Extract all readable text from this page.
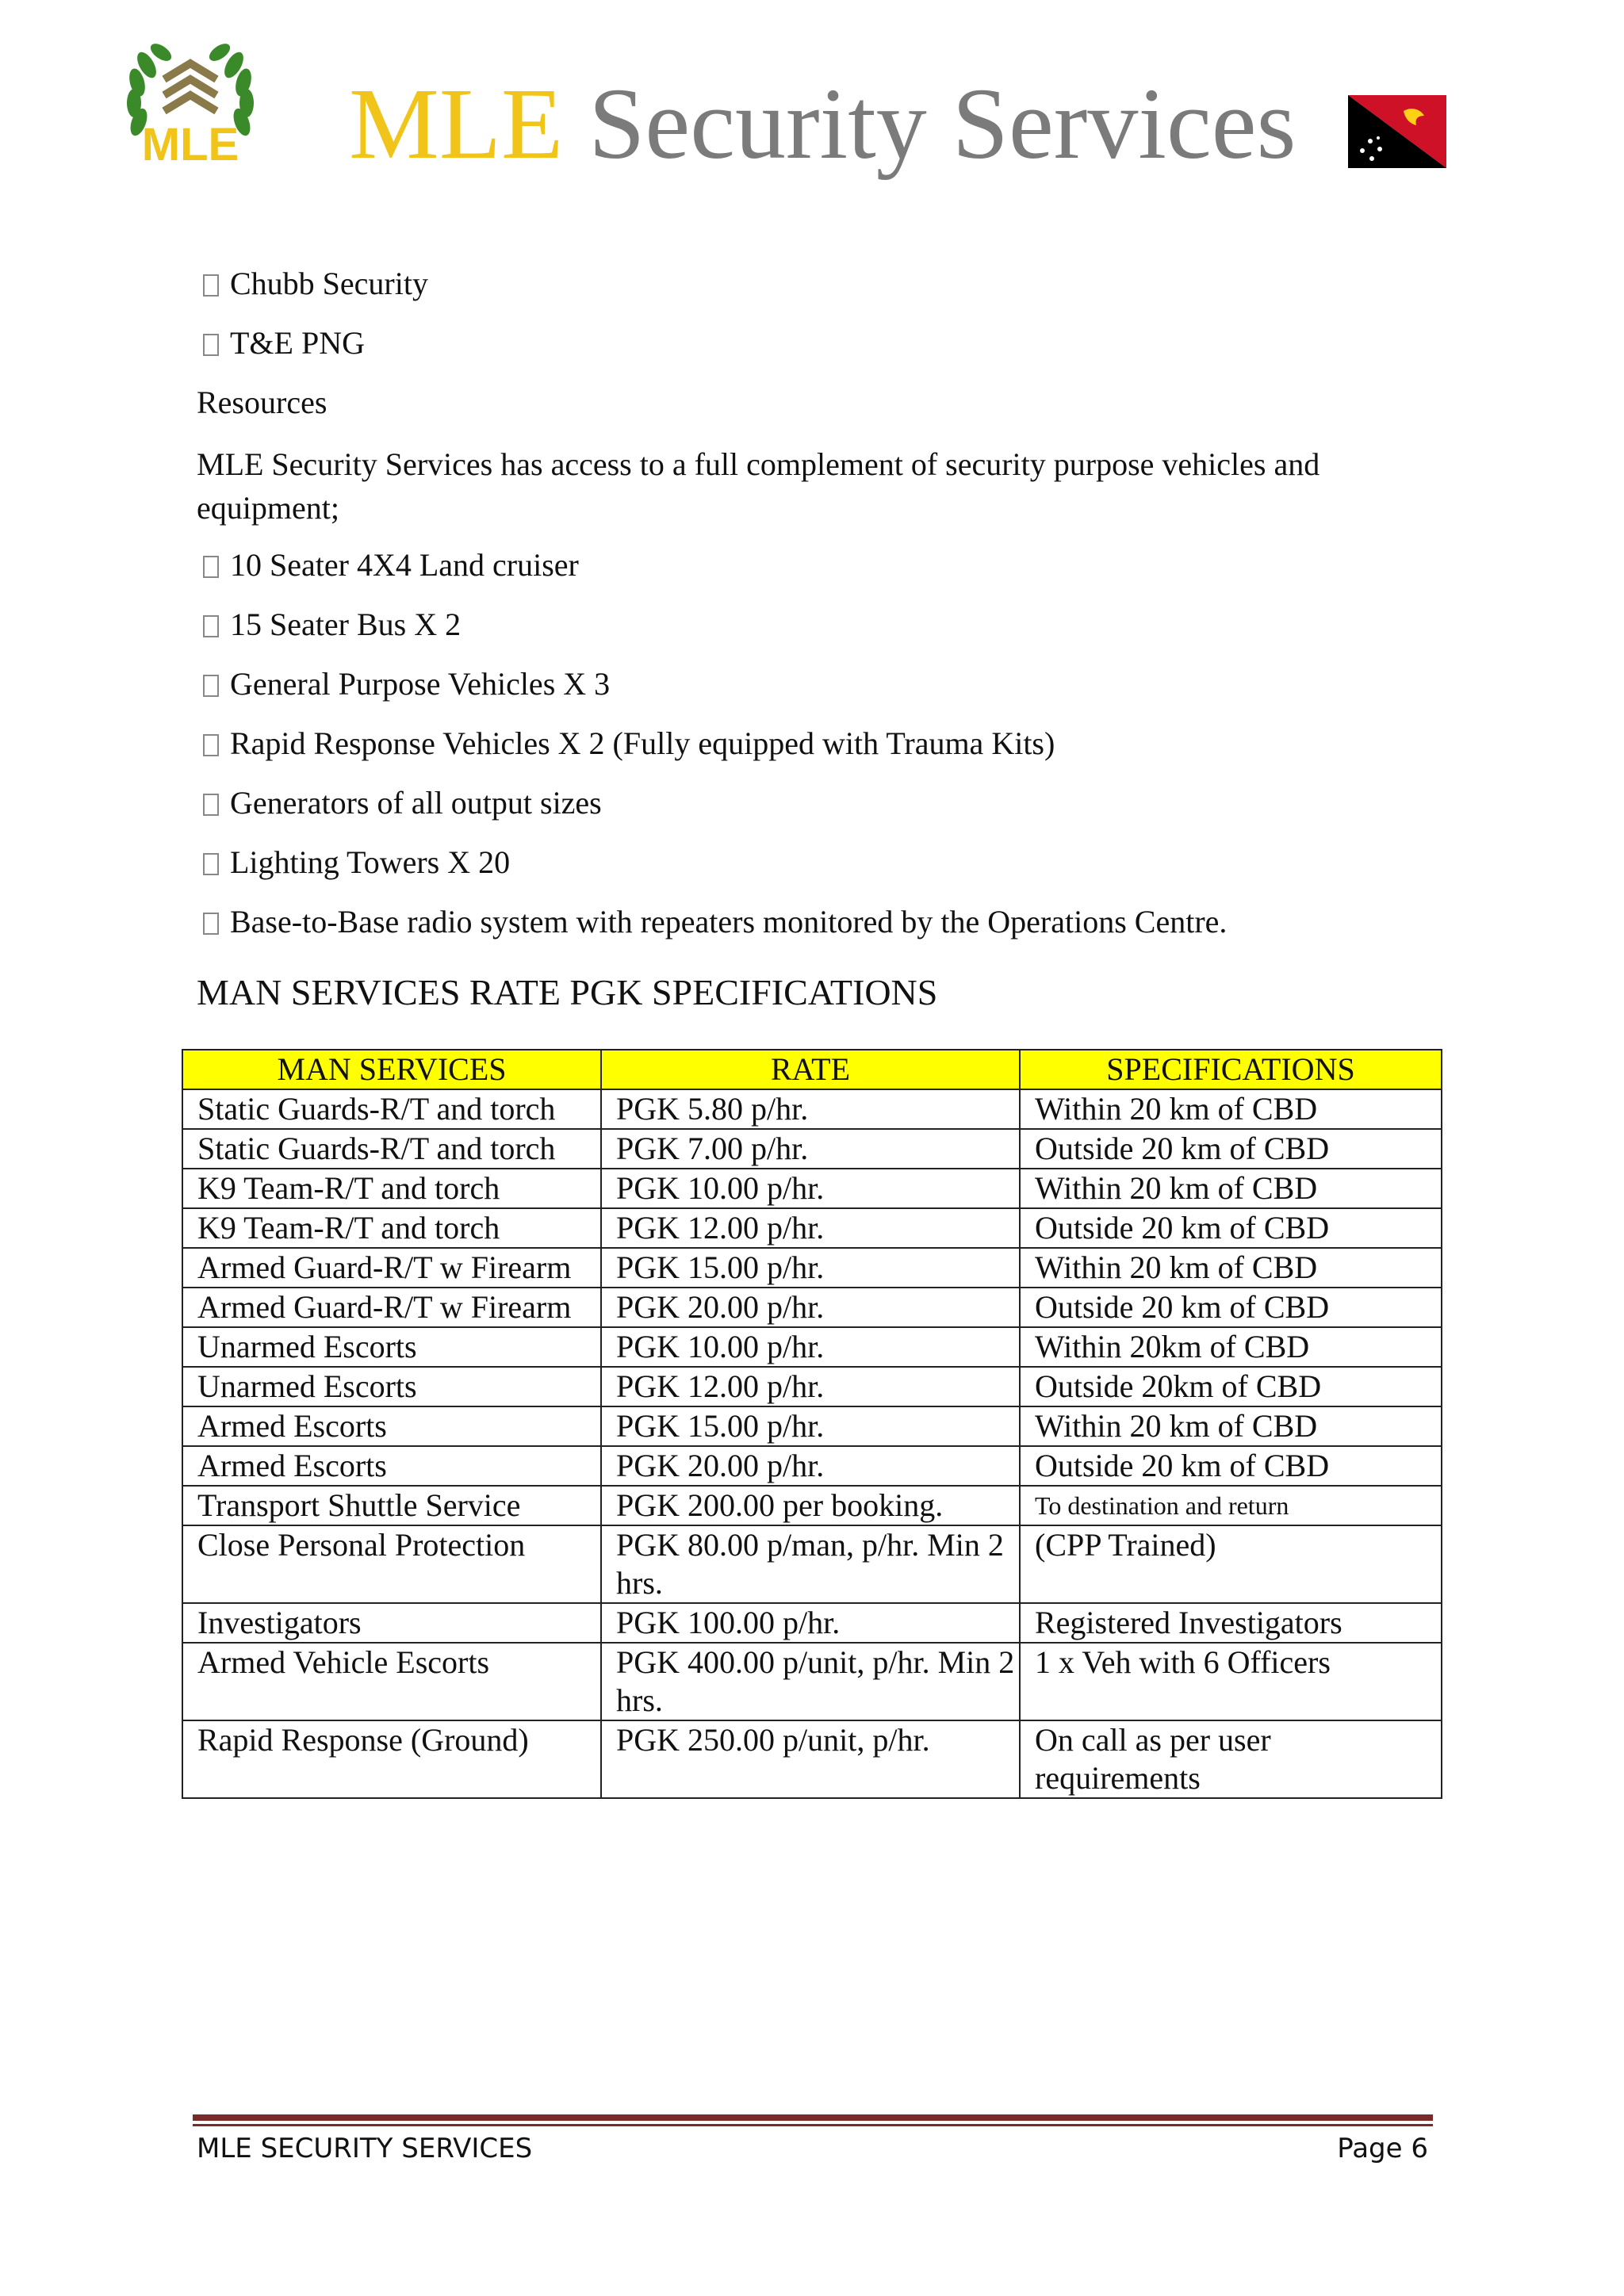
MLE MLE Security Services
Chubb Security
T&E PNG
Resources
MLE Security Services has access to a full complement of security purpose vehicles and equipment;
10 Seater 4X4 Land cruiser
15 Seater Bus X 2
General Purpose Vehicles X 3
Rapid Response Vehicles X 2 (Fully equipped with Trauma Kits)
Generators of all output sizes
Lighting Towers X 20
Base-to-Base radio system with repeaters monitored by the Operations Centre.
MAN SERVICES RATE PGK SPECIFICATIONS
MAN SERVICES	RATE	SPECIFICATIONS
Static Guards-R/T and torch	PGK 5.80 p/hr.	Within 20 km of CBD
Static Guards-R/T and torch	PGK 7.00 p/hr.	Outside 20 km of CBD
K9 Team-R/T and torch	PGK 10.00 p/hr.	Within 20 km of CBD
K9 Team-R/T and torch	PGK 12.00 p/hr.	Outside 20 km of CBD
Armed Guard-R/T w Firearm	PGK 15.00 p/hr.	Within 20 km of CBD
Armed Guard-R/T w Firearm	PGK 20.00 p/hr.	Outside 20 km of CBD
Unarmed Escorts	PGK 10.00 p/hr.	Within 20km of CBD
Unarmed Escorts	PGK 12.00 p/hr.	Outside 20km of CBD
Armed Escorts	PGK 15.00 p/hr.	Within 20 km of CBD
Armed Escorts	PGK 20.00 p/hr.	Outside 20 km of CBD
Transport Shuttle Service	PGK 200.00 per booking.	To destination and return
Close Personal Protection	PGK 80.00 p/man, p/hr. Min 2 hrs.	(CPP Trained)
Investigators	PGK 100.00 p/hr.	Registered Investigators
Armed Vehicle Escorts	PGK 400.00 p/unit, p/hr. Min 2 hrs.	1 x Veh with 6 Officers
Rapid Response (Ground)	PGK 250.00 p/unit, p/hr.	On call as per user requirements
MLE SECURITY SERVICES	Page 6
